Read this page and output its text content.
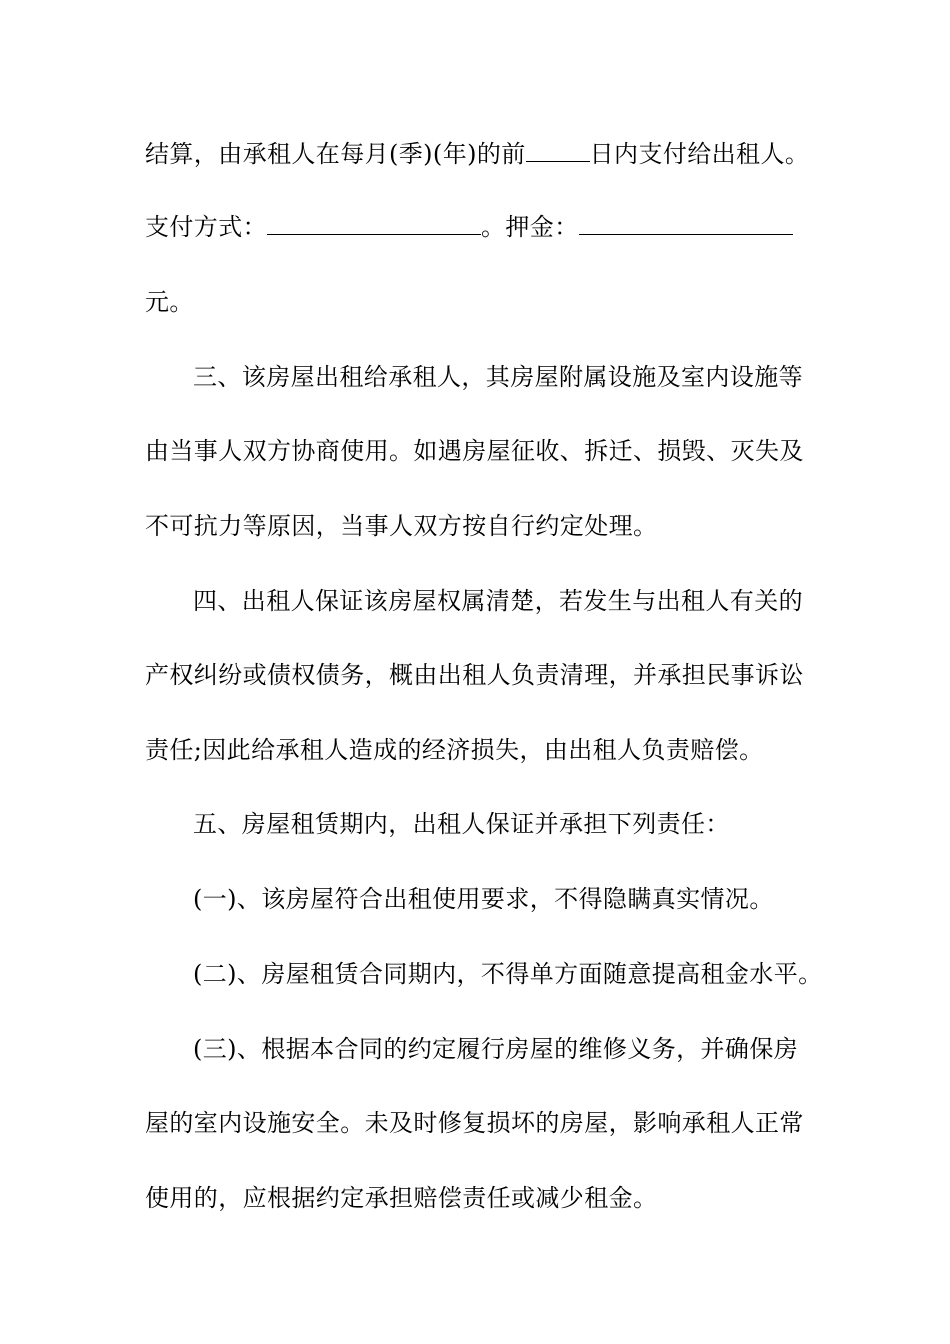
结算，由承租人在每月(季)(年)的前	日内支付给出租人。
支付方式：	。押金：
元。
三、该房屋出租给承租人，其房屋附属设施及室内设施等
由当事人双方协商使用。如遇房屋征收、拆迁、损毁、灭失及
不可抗力等原因，当事人双方按自行约定处理。
四、出租人保证该房屋权属清楚，若发生与出租人有关的
产权纠纷或债权债务，概由出租人负责清理，并承担民事诉讼
责任;因此给承租人造成的经济损失，由出租人负责赔偿。
五、房屋租赁期内，出租人保证并承担下列责任：
(一)、该房屋符合出租使用要求，不得隐瞒真实情况。
(二)、房屋租赁合同期内，不得单方面随意提高租金水平。
(三)、根据本合同的约定履行房屋的维修义务，并确保房
屋的室内设施安全。未及时修复损坏的房屋，影响承租人正常
使用的，应根据约定承担赔偿责任或减少租金。
